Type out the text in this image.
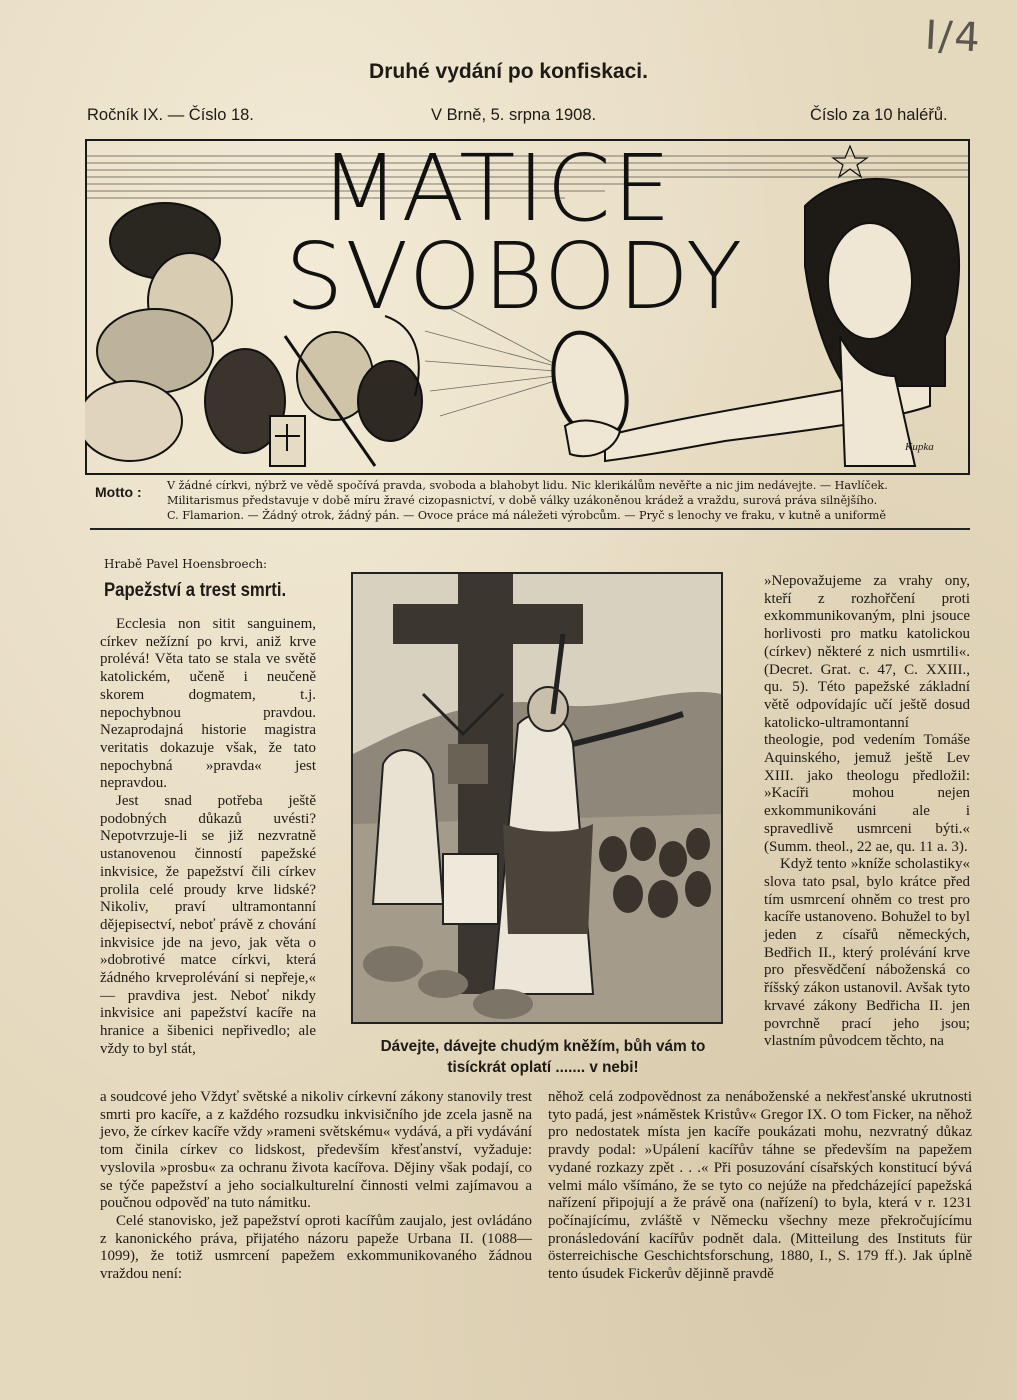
I/4
Druhé vydání po konfiskaci.
Ročník IX. — Číslo 18.	V Brně, 5. srpna 1908.	Číslo za 10 haléřů.
MATICE
SVOBODY
Kupka
Motto : V žádné církvi, nýbrž ve vědě spočívá pravda, svoboda a blahobyt lidu. Nic klerikálům nevěřte a nic jim nedávejte. — Havlíček.
Militarismus představuje v době míru žravé cizopasnictví, v době války uzákoněnou krádež a vraždu, surová práva silnějšího.
C. Flamarion. — Žádný otrok, žádný pán. — Ovoce práce má náležeti výrobcům. — Pryč s lenochy ve fraku, v kutně a uniformě
Hrabě Pavel Hoensbroech:
Papežství a trest smrti.

Ecclesia non sitit sanguinem, církev nežízní po krvi, aniž krve prolévá! Věta tato se stala ve světě katolickém, učeně i neučeně skorem dogmatem, t.j. nepochybnou pravdou. Nezaprodajná historie magistra veritatis dokazuje však, že tato nepochybná »pravda« jest nepravdou.

Jest snad potřeba ještě podobných důkazů uvésti? Nepotvrzuje-li se již nezvratně ustanovenou činností papežské inkvisice, že papežství čili církev prolila celé proudy krve lidské? Nikoliv, praví ultramontanní dějepisectví, neboť právě z chování inkvisice jde na jevo, jak věta o »dobrotivé matce církvi, která žádného krveprolévání si nepřeje,« — pravdiva jest. Neboť nikdy inkvisice ani papežství kacíře na hranice a šibenici nepřivedlo; ale vždy to byl stát,	Dávejte, dávejte chudým kněžím, bůh vám to tisíckrát oplatí ....... v nebi!

»Nepovažujeme za vrahy ony, kteří z rozhořčení proti exkommunikovaným, plni jsouce horlivosti pro matku katolickou (církev) některé z nich usmrtili«. (Decret. Grat. c. 47, C. XXIII., qu. 5). Této papežské základní větě odpovídajíc učí ještě dosud katolicko-ultramontanní theologie, pod vedením Tomáše Aquinského, jemuž ještě Lev XIII. jako theologu předložil: »Kacíři mohou nejen exkommunikováni ale i spravedlivě usmrceni býti.« (Summ. theol., 22 ae, qu. 11 a. 3).

Když tento »kníže scholastiky« slova tato psal, bylo krátce před tím usmrcení ohněm co trest pro kacíře ustanoveno. Bohužel to byl jeden z císařů německých, Bedřich II., který prolévání krve pro přesvědčení náboženská co říšský zákon ustanovil. Avšak tyto krvavé zákony Bedřicha II. jen povrchně prací jeho jsou; vlastním původcem těchto, na

a soudcové jeho Vždyť světské a nikoliv církevní zákony stanovily trest smrti pro kacíře, a z každého rozsudku inkvisičního jde zcela jasně na jevo, že církev kacíře vždy »rameni světskému« vydává, a při vydávání tom činila církev co lidskost, především křesťanství, vyžaduje: vyslovila »prosbu« za ochranu života kacířova. Dějiny však podají, co se týče papežství a jeho socialkulturelní činnosti velmi zajímavou a poučnou odpověď na tuto námitku.

Celé stanovisko, jež papežství oproti kacířům zaujalo, jest ovládáno z kanonického práva, přijatého názoru papeže Urbana II. (1088—1099), že totiž usmrcení papežem exkommunikovaného žádnou vraždou není:

něhož celá zodpovědnost za nenáboženské a nekřesťanské ukrutnosti tyto padá, jest »náměstek Kristův« Gregor IX. O tom Ficker, na něhož pro nedostatek místa jen kacíře poukázati mohu, nezvratný důkaz pravdy podal: »Upálení kacířův táhne se především na papežem vydané rozkazy zpět . . .« Při posuzování císařských konstitucí bývá velmi málo všímáno, že se tyto co nejúže na předcházející papežská nařízení připojují a že právě ona (nařízení) to byla, která v r. 1231 počínajícímu, zvláště v Německu všechny meze překročujícímu pronásledování kacířův podnět dala. (Mitteilung des Instituts für österreichische Geschichtsforschung, 1880, I., S. 179 ff.). Jak úplně tento úsudek Fickerův dějinně pravdě
